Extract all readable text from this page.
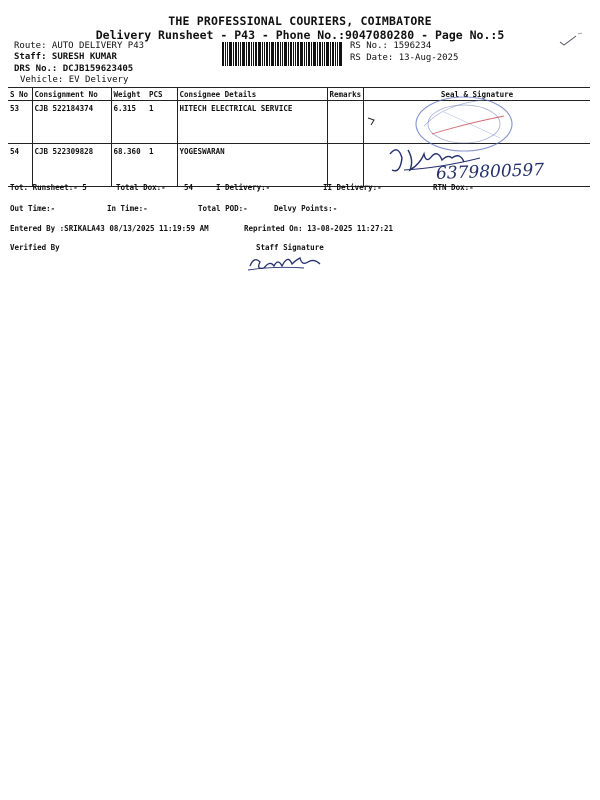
THE PROFESSIONAL COURIERS, COIMBATORE
Delivery Runsheet - P43 - Phone No.:9047080280 - Page No.:5
Route: AUTO DELIVERY P43
Staff: SURESH KUMAR
DRS No.: DCJB159623405
Vehicle: EV Delivery
RS No.: 1596234
RS Date: 13-Aug-2025
S No	Consignment No	Weight	PCS	Consignee Details	Remarks	Seal & Signature
53	CJB 522184374	6.315	1	HITECH ELECTRICAL SERVICE		
54	CJB 522309828	68.360	1	YOGESWARAN		
6379800597
Tot. Runsheet:- 5	Total Dox:- 54	I Delivery:-	II Delivery:-	RTN Dox:-
Out Time:-	In Time:-	Total POD:-	Delvy Points:-
Entered By :SRIKALA43 08/13/2025 11:19:59 AM	Reprinted On: 13-08-2025 11:27:21
Verified By	Staff Signature
